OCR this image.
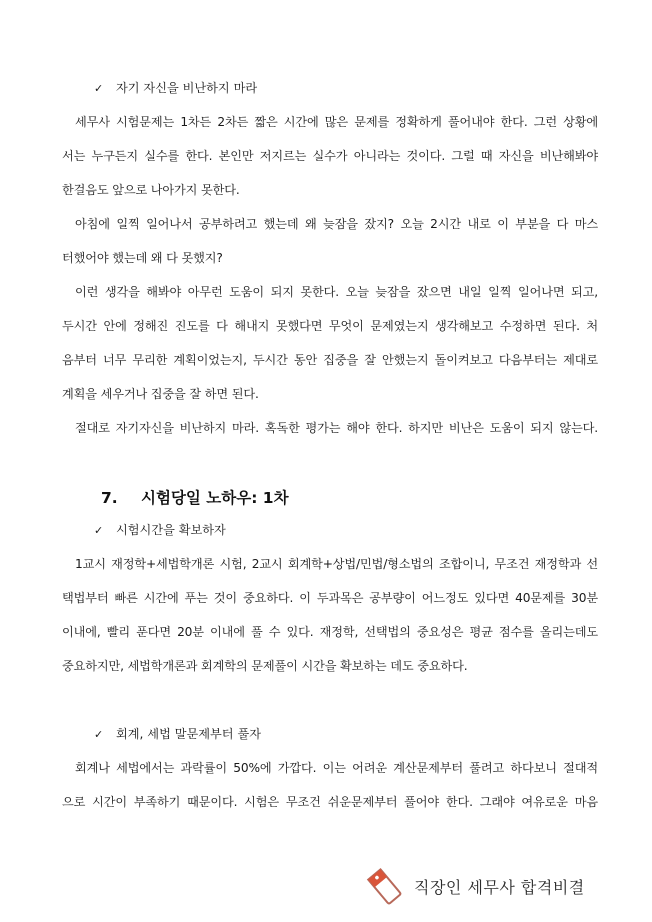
✓ 자기 자신을 비난하지 마라
세무사 시험문제는 1차든 2차든 짧은 시간에 많은 문제를 정확하게 풀어내야 한다. 그런 상황에
서는 누구든지 실수를 한다. 본인만 저지르는 실수가 아니라는 것이다. 그럴 때 자신을 비난해봐야
한걸음도 앞으로 나아가지 못한다.
아침에 일찍 일어나서 공부하려고 했는데 왜 늦잠을 잤지? 오늘 2시간 내로 이 부분을 다 마스
터했어야 했는데 왜 다 못했지?
이런 생각을 해봐야 아무런 도움이 되지 못한다. 오늘 늦잠을 잤으면 내일 일찍 일어나면 되고,
두시간 안에 정해진 진도를 다 해내지 못했다면 무엇이 문제였는지 생각해보고 수정하면 된다. 처
음부터 너무 무리한 계획이었는지, 두시간 동안 집중을 잘 안했는지 돌이켜보고 다음부터는 제대로
계획을 세우거나 집중을 잘 하면 된다.
절대로 자기자신을 비난하지 마라. 혹독한 평가는 해야 한다. 하지만 비난은 도움이 되지 않는다.
7. 시험당일 노하우: 1차
✓ 시험시간을 확보하자
1교시 재정학+세법학개론 시험, 2교시 회계학+상법/민법/형소법의 조합이니, 무조건 재정학과 선
택법부터 빠른 시간에 푸는 것이 중요하다. 이 두과목은 공부량이 어느정도 있다면 40문제를 30분
이내에, 빨리 푼다면 20분 이내에 풀 수 있다. 재정학, 선택법의 중요성은 평균 점수를 올리는데도
중요하지만, 세법학개론과 회계학의 문제풀이 시간을 확보하는 데도 중요하다.
✓ 회계, 세법 말문제부터 풀자
회계나 세법에서는 과락률이 50%에 가깝다. 이는 어려운 계산문제부터 풀려고 하다보니 절대적
으로 시간이 부족하기 때문이다. 시험은 무조건 쉬운문제부터 풀어야 한다. 그래야 여유로운 마음
직장인 세무사 합격비결
